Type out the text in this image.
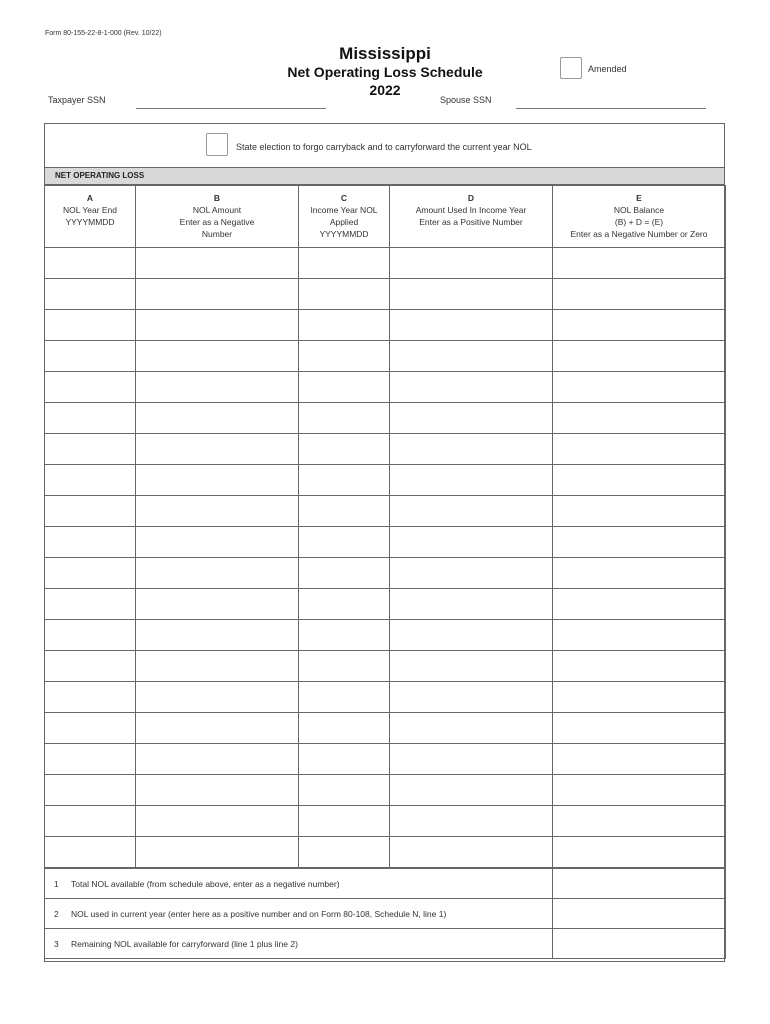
Form 80-155-22-8-1-000 (Rev. 10/22)
Mississippi
Net Operating Loss Schedule
2022
Amended
Taxpayer SSN	Spouse SSN
State election to forgo carryback and to carryforward the current year NOL
NET OPERATING LOSS
A
NOL Year End
YYYYMMDD	B
NOL Amount
Enter as a Negative
Number	C
Income Year NOL
Applied
YYYYMMDD	D
Amount Used In Income Year
Enter as a Positive Number	E
NOL Balance
(B) + D = (E)
Enter as a Negative Number or Zero

1 Total NOL available (from schedule above, enter as a negative number)	
2 NOL used in current year (enter here as a positive number and on Form 80-108, Schedule N, line 1)	
3 Remaining NOL available for carryforward (line 1 plus line 2)	
